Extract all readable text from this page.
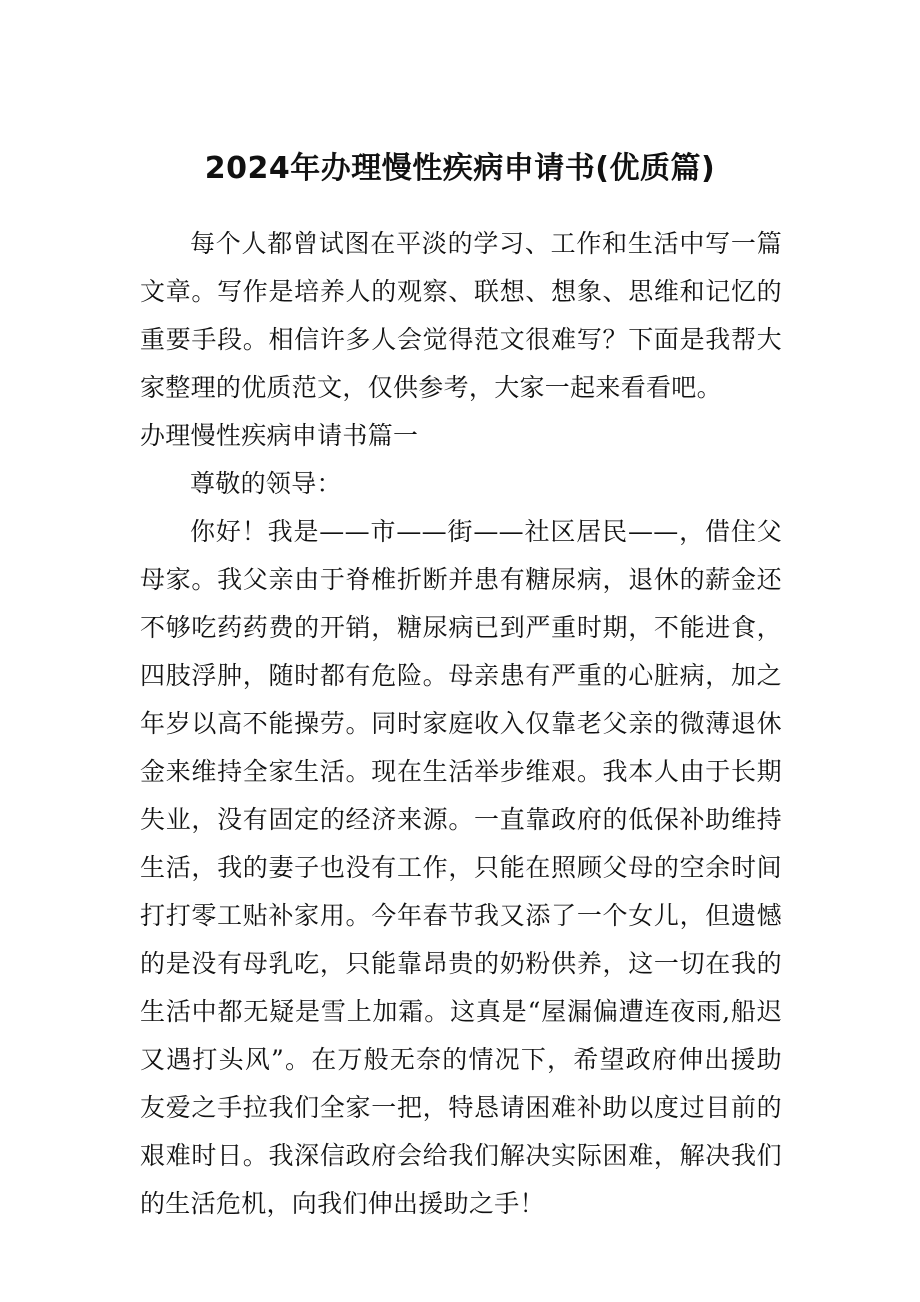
2024年办理慢性疾病申请书(优质篇)

每个人都曾试图在平淡的学习、工作和生活中写一篇文章。写作是培养人的观察、联想、想象、思维和记忆的重要手段。相信许多人会觉得范文很难写？下面是我帮大家整理的优质范文，仅供参考，大家一起来看看吧。

办理慢性疾病申请书篇一

尊敬的领导：

你好！我是——市——街——社区居民——，借住父母家。我父亲由于脊椎折断并患有糖尿病，退休的薪金还不够吃药药费的开销，糖尿病已到严重时期，不能进食，四肢浮肿，随时都有危险。母亲患有严重的心脏病，加之年岁以高不能操劳。同时家庭收入仅靠老父亲的微薄退休金来维持全家生活。现在生活举步维艰。我本人由于长期失业，没有固定的经济来源。一直靠政府的低保补助维持生活，我的妻子也没有工作，只能在照顾父母的空余时间打打零工贴补家用。今年春节我又添了一个女儿，但遗憾的是没有母乳吃，只能靠昂贵的奶粉供养，这一切在我的生活中都无疑是雪上加霜。这真是“屋漏偏遭连夜雨,船迟又遇打头风”。在万般无奈的情况下，希望政府伸出援助友爱之手拉我们全家一把，特恳请困难补助以度过目前的艰难时日。我深信政府会给我们解决实际困难，解决我们的生活危机，向我们伸出援助之手！
